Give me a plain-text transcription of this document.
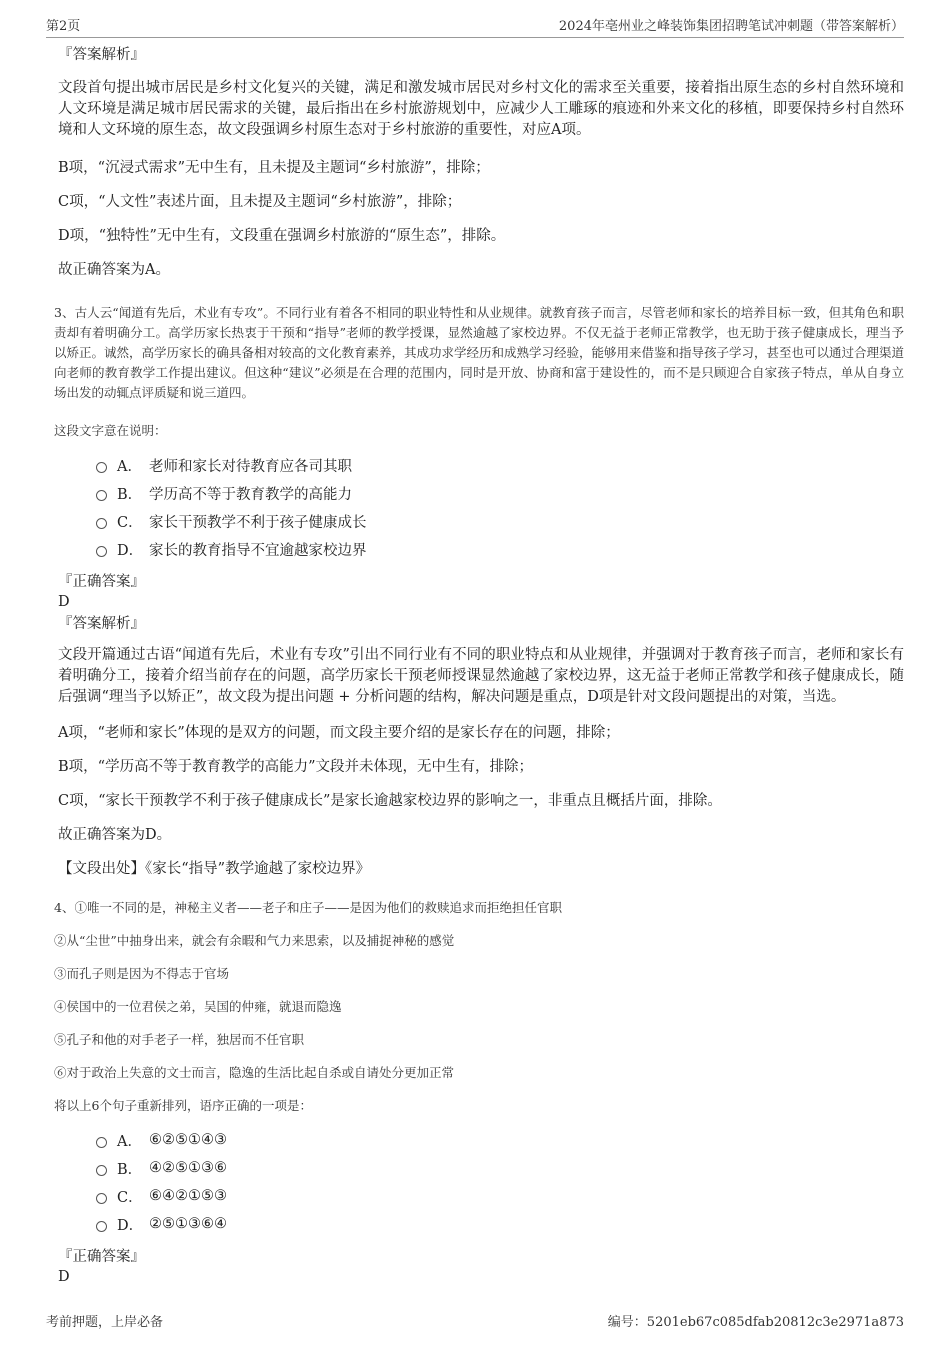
第2页	2024年亳州业之峰装饰集团招聘笔试冲刺题（带答案解析）
『答案解析』
文段首句提出城市居民是乡村文化复兴的关键，满足和激发城市居民对乡村文化的需求至关重要，接着指出原生态的乡村自然环境和人文环境是满足城市居民需求的关键，最后指出在乡村旅游规划中，应减少人工雕琢的痕迹和外来文化的移植，即要保持乡村自然环境和人文环境的原生态，故文段强调乡村原生态对于乡村旅游的重要性，对应A项。
B项，“沉浸式需求”无中生有，且未提及主题词“乡村旅游”，排除；
C项，“人文性”表述片面，且未提及主题词“乡村旅游”，排除；
D项，“独特性”无中生有，文段重在强调乡村旅游的“原生态”，排除。
故正确答案为A。
3、古人云“闻道有先后，术业有专攻”。不同行业有着各不相同的职业特性和从业规律。就教育孩子而言，尽管老师和家长的培养目标一致，但其角色和职责却有着明确分工。高学历家长热衷于干预和“指导”老师的教学授课，显然逾越了家校边界。不仅无益于老师正常教学，也无助于孩子健康成长，理当予以矫正。诚然，高学历家长的确具备相对较高的文化教育素养，其成功求学经历和成熟学习经验，能够用来借鉴和指导孩子学习，甚至也可以通过合理渠道向老师的教育教学工作提出建议。但这种“建议”必须是在合理的范围内，同时是开放、协商和富于建设性的，而不是只顾迎合自家孩子特点，单从自身立场出发的动辄点评质疑和说三道四。
这段文字意在说明：
A． 老师和家长对待教育应各司其职
B． 学历高不等于教育教学的高能力
C． 家长干预教学不利于孩子健康成长
D． 家长的教育指导不宜逾越家校边界
『正确答案』
D
『答案解析』
文段开篇通过古语“闻道有先后，术业有专攻”引出不同行业有不同的职业特点和从业规律，并强调对于教育孩子而言，老师和家长有着明确分工，接着介绍当前存在的问题，高学历家长干预老师授课显然逾越了家校边界，这无益于老师正常教学和孩子健康成长，随后强调“理当予以矫正”，故文段为提出问题 + 分析问题的结构，解决问题是重点，D项是针对文段问题提出的对策，当选。
A项，“老师和家长”体现的是双方的问题，而文段主要介绍的是家长存在的问题，排除；
B项，“学历高不等于教育教学的高能力”文段并未体现，无中生有，排除；
C项，“家长干预教学不利于孩子健康成长”是家长逾越家校边界的影响之一，非重点且概括片面，排除。
故正确答案为D。
【文段出处】《家长“指导”教学逾越了家校边界》
4、①唯一不同的是，神秘主义者——老子和庄子——是因为他们的救赎追求而拒绝担任官职
②从“尘世”中抽身出来，就会有余暇和气力来思索，以及捕捉神秘的感觉
③而孔子则是因为不得志于官场
④侯国中的一位君侯之弟，吴国的仲雍，就退而隐逸
⑤孔子和他的对手老子一样，独居而不任官职
⑥对于政治上失意的文士而言，隐逸的生活比起自杀或自请处分更加正常
将以上6个句子重新排列，语序正确的一项是：
A． ⑥②⑤①④③
B． ④②⑤①③⑥
C． ⑥④②①⑤③
D． ②⑤①③⑥④
『正确答案』
D
考前押题，上岸必备	编号：5201eb67c085dfab20812c3e2971a873
